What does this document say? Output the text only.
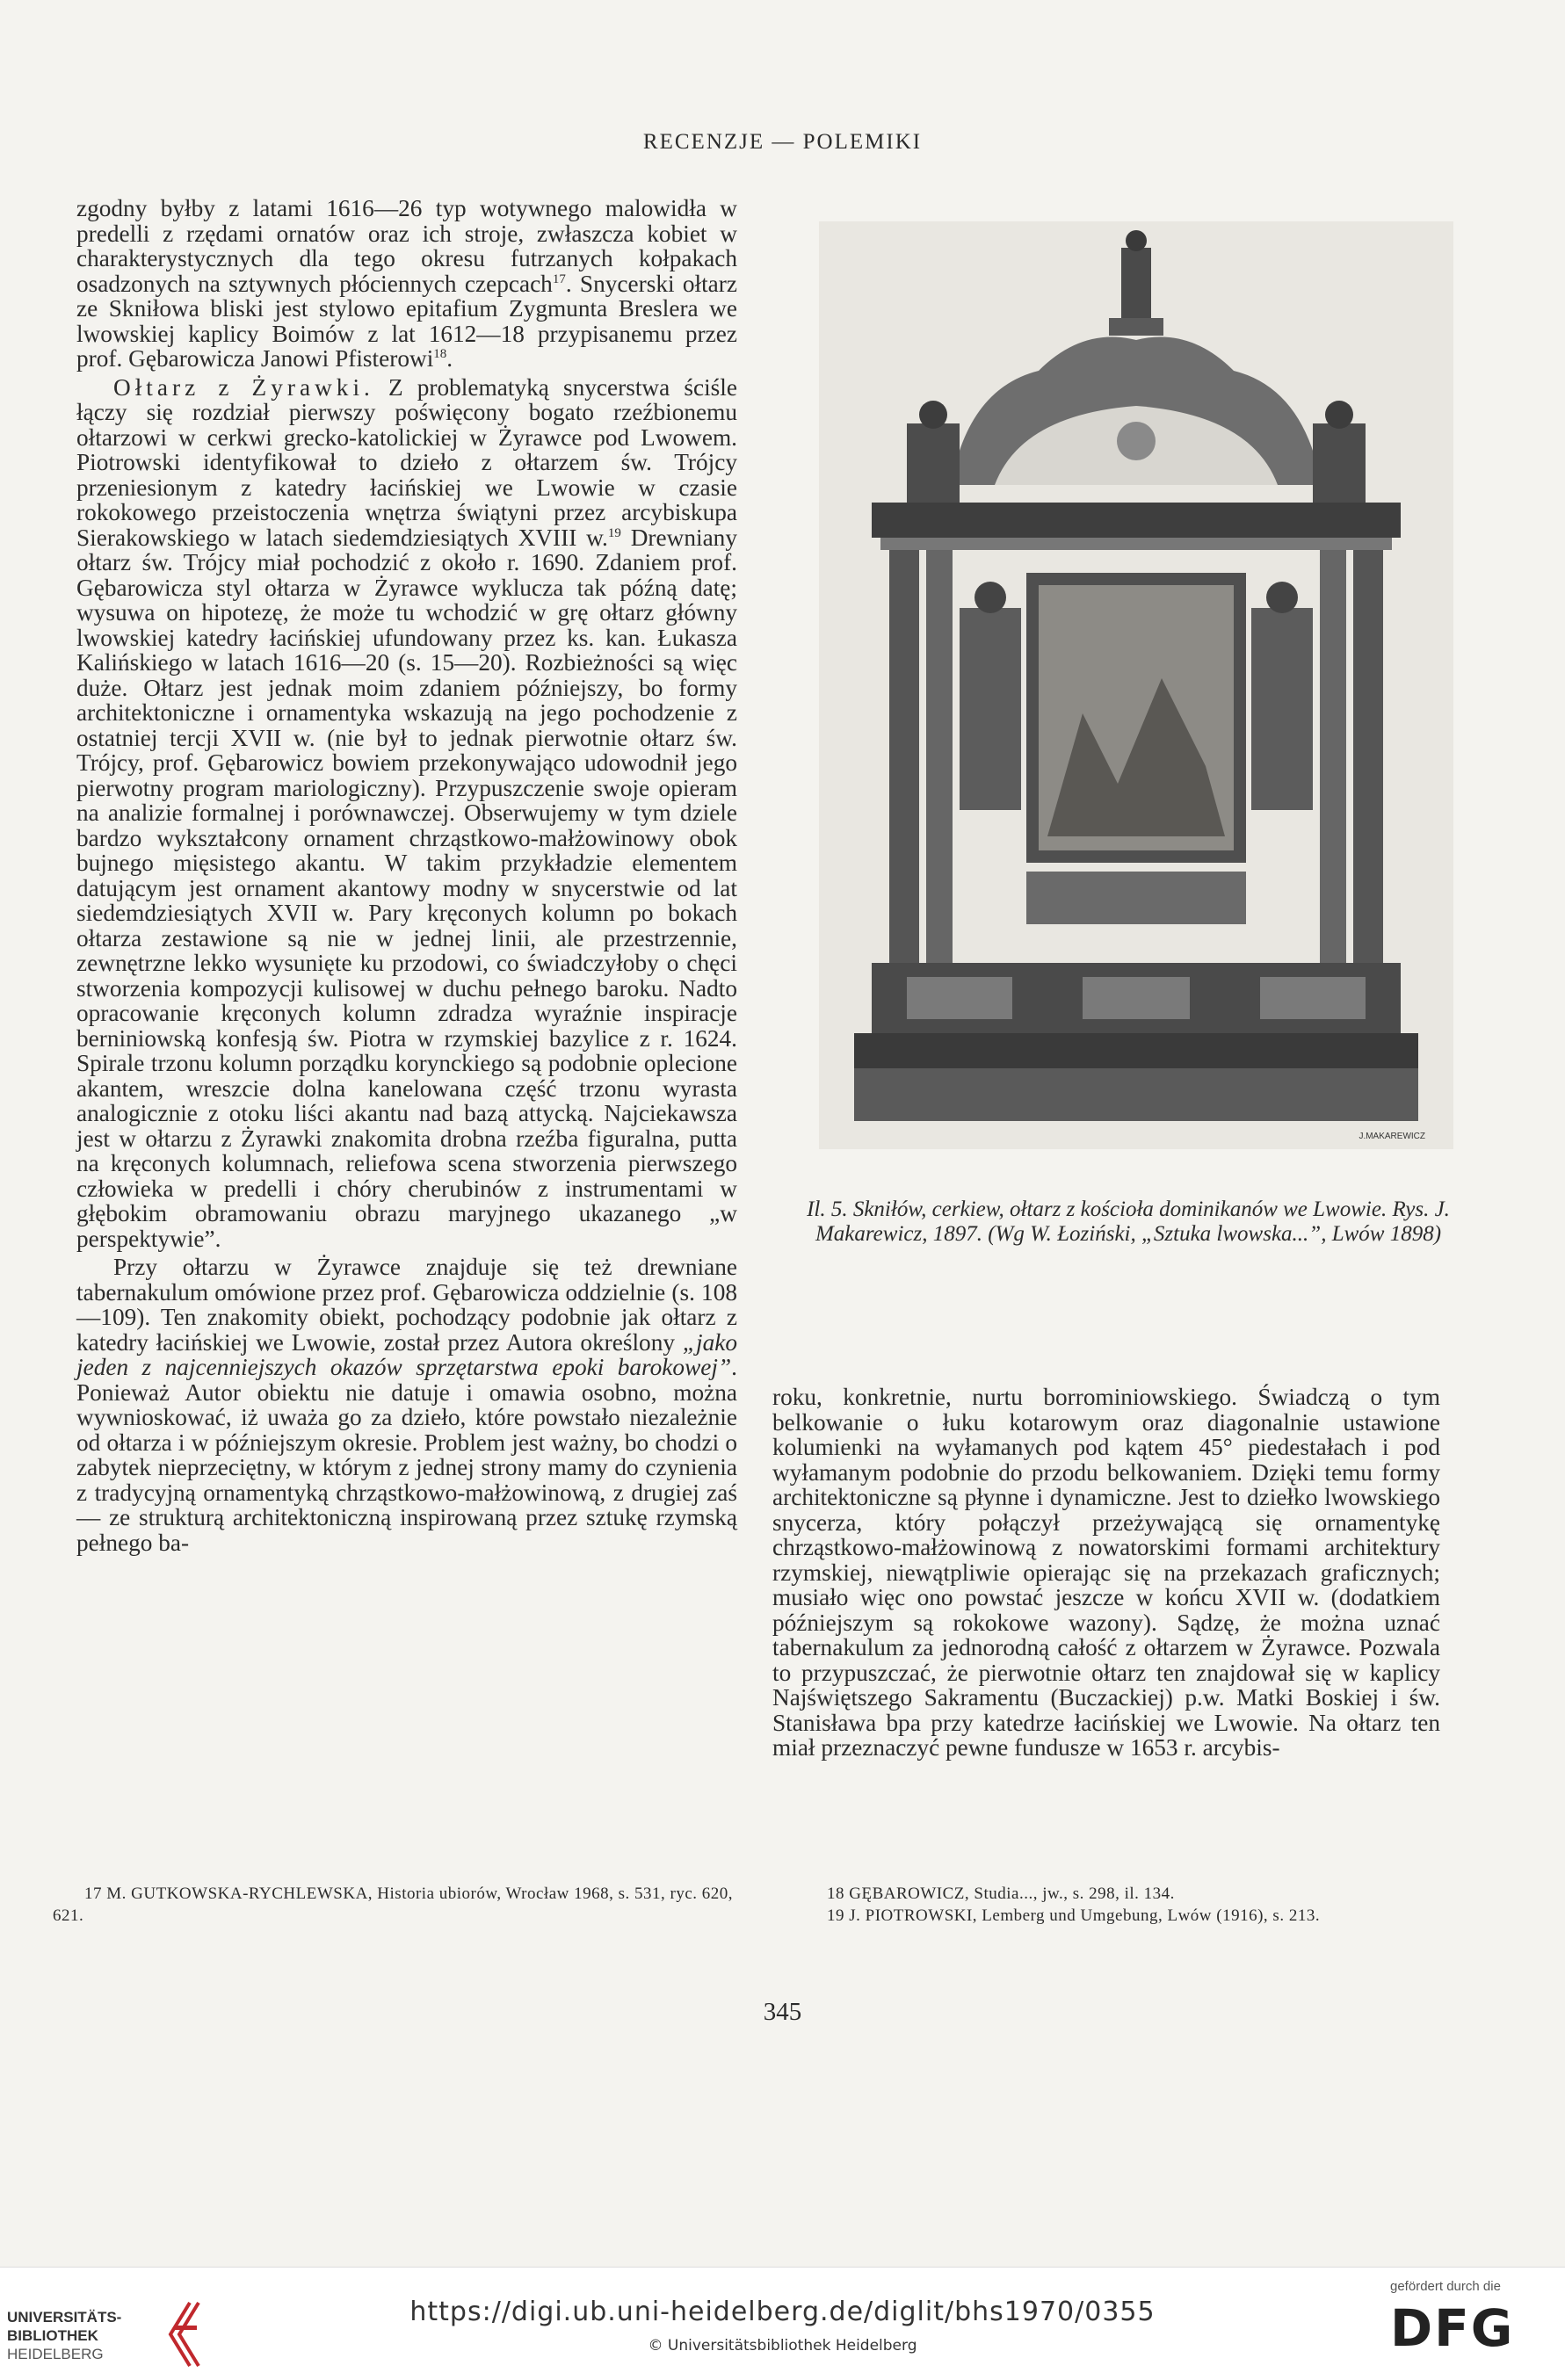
RECENZJE — POLEMIKI

zgodny byłby z latami 1616—26 typ wotywnego malowidła w predelli z rzędami ornatów oraz ich stroje, zwłaszcza kobiet w charakterystycznych dla tego okresu futrzanych kołpakach osadzonych na sztywnych płóciennych czepcach$^{17}$. Snycerski ołtarz ze Skniłowa bliski jest stylowo epitafium Zygmunta Breslera we lwowskiej kaplicy Boimów z lat 1612—18 przypisanemu przez prof. Gębarowicza Janowi Pfisterowi$^{18}$.

Ołtarz z Żyrawki. Z problematyką snycerstwa ściśle łączy się rozdział pierwszy poświęcony bogato rzeźbionemu ołtarzowi w cerkwi grecko-katolickiej w Żyrawce pod Lwowem. Piotrowski identyfikował to dzieło z ołtarzem św. Trójcy przeniesionym z katedry łacińskiej we Lwowie w czasie rokokowego przeistoczenia wnętrza świątyni przez arcybiskupa Sierakowskiego w latach siedemdziesiątych XVIII w.$^{19}$ Drewniany ołtarz św. Trójcy miał pochodzić z około r. 1690. Zdaniem prof. Gębarowicza styl ołtarza w Żyrawce wyklucza tak późną datę; wysuwa on hipotezę, że może tu wchodzić w grę ołtarz główny lwowskiej katedry łacińskiej ufundowany przez ks. kan. Łukasza Kalińskiego w latach 1616—20 (s. 15—20). Rozbieżności są więc duże. Ołtarz jest jednak moim zdaniem późniejszy, bo formy architektoniczne i ornamentyka wskazują na jego pochodzenie z ostatniej tercji XVII w. (nie był to jednak pierwotnie ołtarz św. Trójcy, prof. Gębarowicz bowiem przekonywająco udowodnił jego pierwotny program mariologiczny). Przypuszczenie swoje opieram na analizie formalnej i porównawczej. Obserwujemy w tym dziele bardzo wykształcony ornament chrząstkowo-małżowinowy obok bujnego mięsistego akantu. W takim przykładzie elementem datującym jest ornament akantowy modny w snycerstwie od lat siedemdziesiątych XVII w. Pary kręconych kolumn po bokach ołtarza zestawione są nie w jednej linii, ale przestrzennie, zewnętrzne lekko wysunięte ku przodowi, co świadczyłoby o chęci stworzenia kompozycji kulisowej w duchu pełnego baroku. Nadto opracowanie kręconych kolumn zdradza wyraźnie inspiracje berniniowską konfesją św. Piotra w rzymskiej bazylice z r. 1624. Spirale trzonu kolumn porządku korynckiego są podobnie oplecione akantem, wreszcie dolna kanelowana część trzonu wyrasta analogicznie z otoku liści akantu nad bazą attycką. Najciekawsza jest w ołtarzu z Żyrawki znakomita drobna rzeźba figuralna, putta na kręconych kolumnach, reliefowa scena stworzenia pierwszego człowieka w predelli i chóry cherubinów z instrumentami w głębokim obramowaniu obrazu maryjnego ukazanego „w perspektywie”.

Przy ołtarzu w Żyrawce znajduje się też drewniane tabernakulum omówione przez prof. Gębarowicza oddzielnie (s. 108—109). Ten znakomity obiekt, pochodzący podobnie jak ołtarz z katedry łacińskiej we Lwowie, został przez Autora określony „jako jeden z najcenniejszych okazów sprzętarstwa epoki barokowej”. Ponieważ Autor obiektu nie datuje i omawia osobno, można wywnioskować, iż uważa go za dzieło, które powstało niezależnie od ołtarza i w późniejszym okresie. Problem jest ważny, bo chodzi o zabytek nieprzeciętny, w którym z jednej strony mamy do czynienia z tradycyjną ornamentyką chrząstkowo-małżowinową, z drugiej zaś — ze strukturą architektoniczną inspirowaną przez sztukę rzymską pełnego ba-

J.MAKAREWICZ
Il. 5. Skniłów, cerkiew, ołtarz z kościoła dominikanów we Lwowie. Rys. J. Makarewicz, 1897. (Wg W. Łoziński, „Sztuka lwowska...”, Lwów 1898)

roku, konkretnie, nurtu borrominiowskiego. Świadczą o tym belkowanie o łuku kotarowym oraz diagonalnie ustawione kolumienki na wyłamanych pod kątem 45° piedestałach i pod wyłamanym podobnie do przodu belkowaniem. Dzięki temu formy architektoniczne są płynne i dynamiczne. Jest to dziełko lwowskiego snycerza, który połączył przeżywającą się ornamentykę chrząstkowo-małżowinową z nowatorskimi formami architektury rzymskiej, niewątpliwie opierając się na przekazach graficznych; musiało więc ono powstać jeszcze w końcu XVII w. (dodatkiem późniejszym są rokokowe wazony). Sądzę, że można uznać tabernakulum za jednorodną całość z ołtarzem w Żyrawce. Pozwala to przypuszczać, że pierwotnie ołtarz ten znajdował się w kaplicy Najświętszego Sakramentu (Buczackiej) p.w. Matki Boskiej i św. Stanisława bpa przy katedrze łacińskiej we Lwowie. Na ołtarz ten miał przeznaczyć pewne fundusze w 1653 r. arcybis-

17 M. GUTKOWSKA-RYCHLEWSKA, Historia ubiorów, Wrocław 1968, s. 531, ryc. 620, 621.

18 GĘBAROWICZ, Studia..., jw., s. 298, il. 134.

19 J. PIOTROWSKI, Lemberg und Umgebung, Lwów (1916), s. 213.

345
UNIVERSITÄTS-
BIBLIOTHEK
HEIDELBERG
https://digi.ub.uni-heidelberg.de/diglit/bhs1970/0355
© Universitätsbibliothek Heidelberg
gefördert durch die
DFG
